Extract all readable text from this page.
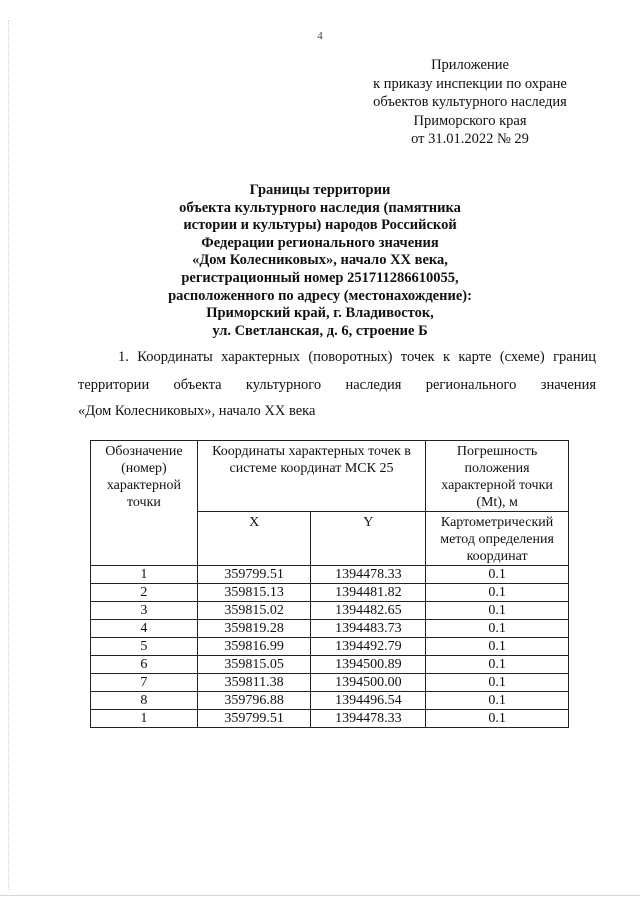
4
Приложение
к приказу инспекции по охране
объектов культурного наследия
Приморского края
от 31.01.2022 № 29
Границы территории
объекта культурного наследия (памятника
истории и культуры) народов Российской
Федерации регионального значения
«Дом Колесниковых», начало XX века,
регистрационный номер 251711286610055,
расположенного по адресу (местонахождение):
Приморский край, г. Владивосток,
ул. Светланская, д. 6, строение Б
1. Координаты характерных (поворотных) точек к карте (схеме) границ
территории объекта культурного наследия регионального значения
«Дом Колесниковых», начало XX века
Обозначение (номер) характерной точки	Координаты характерных точек в системе координат МСК 25		Погрешность положения характерной точки (Mt), м
	X	Y	Картометрический метод определения координат
1	359799.51	1394478.33	0.1
2	359815.13	1394481.82	0.1
3	359815.02	1394482.65	0.1
4	359819.28	1394483.73	0.1
5	359816.99	1394492.79	0.1
6	359815.05	1394500.89	0.1
7	359811.38	1394500.00	0.1
8	359796.88	1394496.54	0.1
1	359799.51	1394478.33	0.1
